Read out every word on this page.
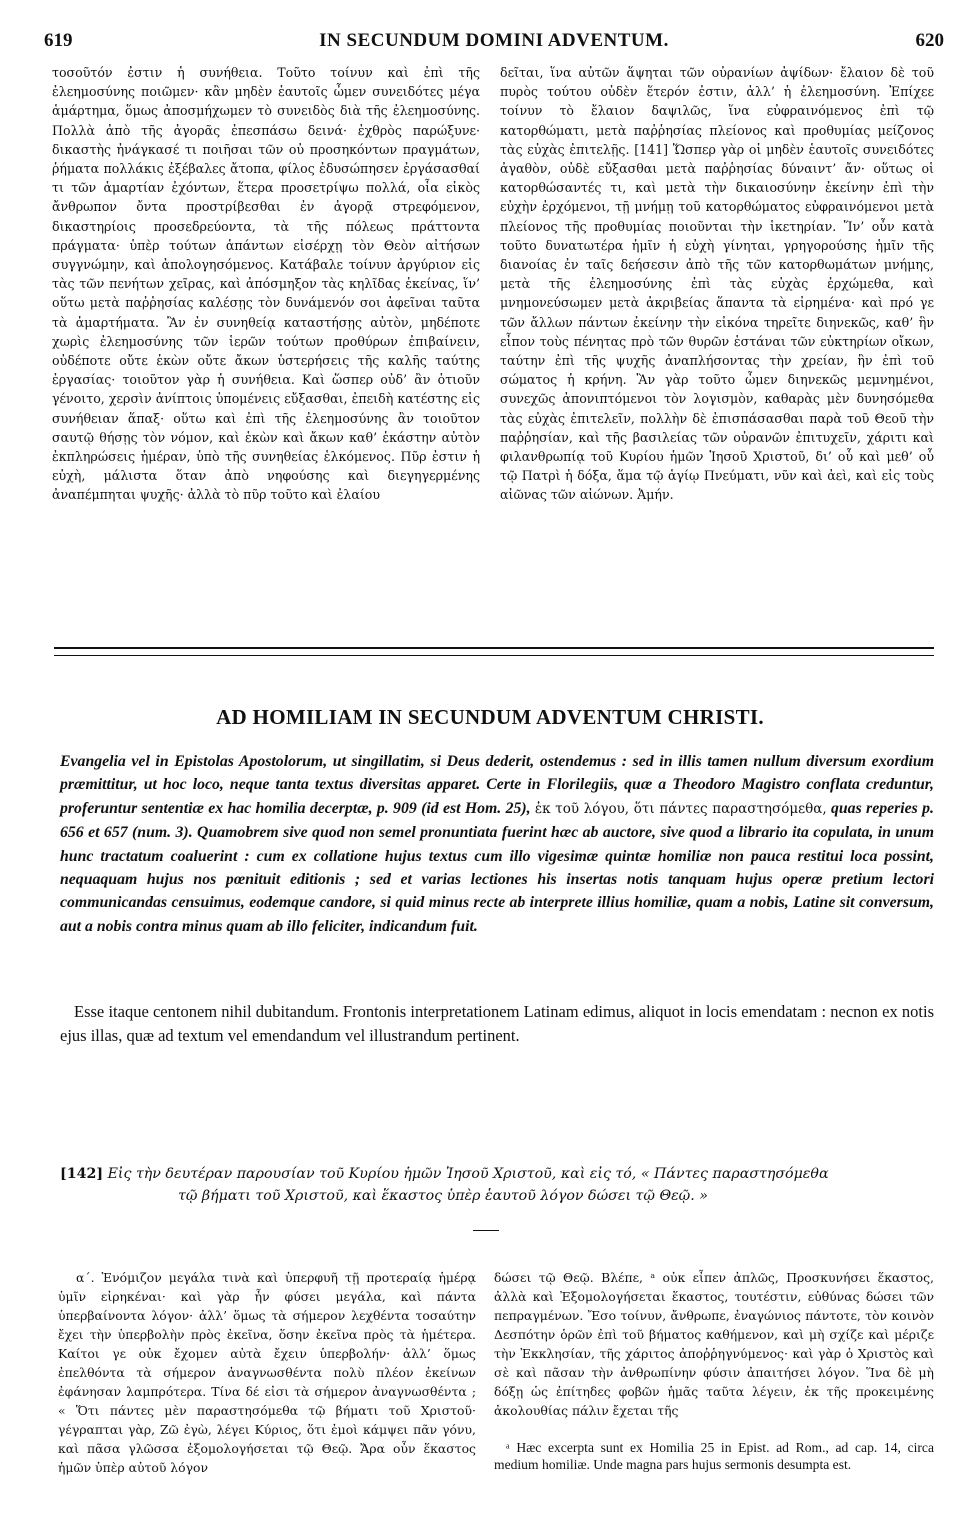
619	IN SECUNDUM DOMINI ADVENTUM.	620

τοσοῦτόν ἐστιν ἡ συνήθεια. Τοῦτο τοίνυν καὶ ἐπὶ τῆς ἐλεημοσύνης ποιῶμεν· κἂν μηδὲν ἑαυτοῖς ὦμεν συνειδότες μέγα ἁμάρτημα, ὅμως ἀποσμήχωμεν τὸ συνειδὸς διὰ τῆς ἐλεημοσύνης. Πολλὰ ἀπὸ τῆς ἀγορᾶς ἐπεσπάσω δεινά· ἐχθρὸς παρώξυνε· δικαστὴς ἠνάγκασέ τι ποιῆσαι τῶν οὐ προσηκόντων πραγμάτων, ῥήματα πολλάκις ἐξέβαλες ἄτοπα, φίλος ἐδυσώπησεν ἐργάσασθαί τι τῶν ἁμαρτίαν ἐχόντων, ἕτερα προσετρίψω πολλά, οἷα εἰκὸς ἄνθρωπον ὄντα προστρίβεσθαι ἐν ἀγορᾷ στρεφόμενον, δικαστηρίοις προσεδρεύοντα, τὰ τῆς πόλεως πράττοντα πράγματα· ὑπὲρ τούτων ἁπάντων εἰσέρχῃ τὸν Θεὸν αἰτήσων συγγνώμην, καὶ ἀπολογησόμενος. Κατάβαλε τοίνυν ἀργύριον εἰς τὰς τῶν πενήτων χεῖρας, καὶ ἀπόσμηξον τὰς κηλῖδας ἐκείνας, ἵν’ οὕτω μετὰ παῤῥησίας καλέσῃς τὸν δυνάμενόν σοι ἀφεῖναι ταῦτα τὰ ἁμαρτήματα. Ἂν ἐν συνηθείᾳ καταστήσῃς αὐτὸν, μηδέποτε χωρὶς ἐλεημοσύνης τῶν ἱερῶν τούτων προθύρων ἐπιβαίνειν, οὐδέποτε οὔτε ἑκὼν οὔτε ἄκων ὑστερήσεις τῆς καλῆς ταύτης ἐργασίας· τοιοῦτον γὰρ ἡ συνήθεια. Καὶ ὥσπερ οὐδ’ ἂν ὁτιοῦν γένοιτο, χερσὶν ἀνίπτοις ὑπομένεις εὔξασθαι, ἐπειδὴ κατέστης εἰς συνήθειαν ἅπαξ· οὕτω καὶ ἐπὶ τῆς ἐλεημοσύνης ἂν τοιοῦτον σαυτῷ θήσῃς τὸν νόμον, καὶ ἑκὼν καὶ ἄκων καθ’ ἑκάστην αὐτὸν ἐκπληρώσεις ἡμέραν, ὑπὸ τῆς συνηθείας ἑλκόμενος. Πῦρ ἐστιν ἡ εὐχὴ, μάλιστα ὅταν ἀπὸ νηφούσης καὶ διεγηγερμένης ἀναπέμπηται ψυχῆς· ἀλλὰ τὸ πῦρ τοῦτο καὶ ἐλαίου

δεῖται, ἵνα αὐτῶν ἅψηται τῶν οὐρανίων ἀψίδων· ἔλαιον δὲ τοῦ πυρὸς τούτου οὐδὲν ἕτερόν ἐστιν, ἀλλ’ ἡ ἐλεημοσύνη. Ἐπίχεε τοίνυν τὸ ἔλαιον δαψιλῶς, ἵνα εὐφραινόμενος ἐπὶ τῷ κατορθώματι, μετὰ παῤῥησίας πλείονος καὶ προθυμίας μείζονος τὰς εὐχὰς ἐπιτελῇς. [141] Ὥσπερ γὰρ οἱ μηδὲν ἑαυτοῖς συνειδότες ἀγαθὸν, οὐδὲ εὔξασθαι μετὰ παῤῥησίας δύναιντ’ ἄν· οὕτως οἱ κατορθώσαντές τι, καὶ μετὰ τὴν δικαιοσύνην ἐκείνην ἐπὶ τὴν εὐχὴν ἐρχόμενοι, τῇ μνήμῃ τοῦ κατορθώματος εὐφραινόμενοι μετὰ πλείονος τῆς προθυμίας ποιοῦνται τὴν ἱκετηρίαν. Ἵν’ οὖν κατὰ τοῦτο δυνατωτέρα ἡμῖν ἡ εὐχὴ γίνηται, γρηγορούσης ἡμῖν τῆς διανοίας ἐν ταῖς δεήσεσιν ἀπὸ τῆς τῶν κατορθωμάτων μνήμης, μετὰ τῆς ἐλεημοσύνης ἐπὶ τὰς εὐχὰς ἐρχώμεθα, καὶ μνημονεύσωμεν μετὰ ἀκριβείας ἅπαντα τὰ εἰρημένα· καὶ πρό γε τῶν ἄλλων πάντων ἐκείνην τὴν εἰκόνα τηρεῖτε διηνεκῶς, καθ’ ἣν εἶπον τοὺς πένητας πρὸ τῶν θυρῶν ἑστάναι τῶν εὐκτηρίων οἴκων, ταύτην ἐπὶ τῆς ψυχῆς ἀναπλήσοντας τὴν χρείαν, ἣν ἐπὶ τοῦ σώματος ἡ κρήνη. Ἂν γὰρ τοῦτο ὦμεν διηνεκῶς μεμνημένοι, συνεχῶς ἀπονιπτόμενοι τὸν λογισμὸν, καθαρὰς μὲν δυνησόμεθα τὰς εὐχὰς ἐπιτελεῖν, πολλὴν δὲ ἐπισπάσασθαι παρὰ τοῦ Θεοῦ τὴν παῤῥησίαν, καὶ τῆς βασιλείας τῶν οὐρανῶν ἐπιτυχεῖν, χάριτι καὶ φιλανθρωπίᾳ τοῦ Κυρίου ἡμῶν Ἰησοῦ Χριστοῦ, δι’ οὗ καὶ μεθ’ οὗ τῷ Πατρὶ ἡ δόξα, ἅμα τῷ ἁγίῳ Πνεύματι, νῦν καὶ ἀεὶ, καὶ εἰς τοὺς αἰῶνας τῶν αἰώνων. Ἀμήν.

AD HOMILIAM IN SECUNDUM ADVENTUM CHRISTI.
Evangelia vel in Epistolas Apostolorum, ut singillatim, si Deus dederit, ostendemus : sed in illis tamen nullum diversum exordium præmittitur, ut hoc loco, neque tanta textus diversitas apparet. Certe in Florilegiis, quæ a Theodoro Magistro conflata creduntur, proferuntur sententiæ ex hac homilia decerptæ, p. 909 (id est Hom. 25), ἐκ τοῦ λόγου, ὅτι πάντες παραστησόμεθα, quas reperies p. 656 et 657 (num. 3). Quamobrem sive quod non semel pronuntiata fuerint hæc ab auctore, sive quod a librario ita copulata, in unum hunc tractatum coaluerint : cum ex collatione hujus textus cum illo vigesimæ quintæ homiliæ non pauca restitui loca possint, nequaquam hujus nos pœnituit editionis ; sed et varias lectiones his insertas notis tanquam hujus operæ pretium lectori communicandas censuimus, eodemque candore, si quid minus recte ab interprete illius homiliæ, quam a nobis, Latine sit conversum, aut a nobis contra minus quam ab illo feliciter, indicandum fuit.

Esse itaque centonem nihil dubitandum. Frontonis interpretationem Latinam edimus, aliquot in locis emendatam : necnon ex notis ejus illas, quæ ad textum vel emendandum vel illustrandum pertinent.

[142] Εἰς τὴν δευτέραν παρουσίαν τοῦ Κυρίου ἡμῶν Ἰησοῦ Χριστοῦ, καὶ εἰς τό, « Πάντες παραστησόμεθα
τῷ βήματι τοῦ Χριστοῦ, καὶ ἕκαστος ὑπὲρ ἑαυτοῦ λόγον δώσει τῷ Θεῷ. »

α΄. Ἐνόμιζον μεγάλα τινὰ καὶ ὑπερφυῆ τῇ προτεραίᾳ ἡμέρᾳ ὑμῖν εἰρηκέναι· καὶ γὰρ ἦν φύσει μεγάλα, καὶ πάντα ὑπερβαίνοντα λόγον· ἀλλ’ ὅμως τὰ σήμερον λεχθέντα τοσαύτην ἔχει τὴν ὑπερβολὴν πρὸς ἐκεῖνα, ὅσην ἐκεῖνα πρὸς τὰ ἡμέτερα. Καίτοι γε οὐκ ἔχομεν αὐτὰ ἔχειν ὑπερβολήν· ἀλλ’ ὅμως ἐπελθόντα τὰ σήμερον ἀναγνωσθέντα πολὺ πλέον ἐκείνων ἐφάνησαν λαμπρότερα. Τίνα δέ εἰσι τὰ σήμερον ἀναγνωσθέντα ; « Ὅτι πάντες μὲν παραστησόμεθα τῷ βήματι τοῦ Χριστοῦ· γέγραπται γὰρ, Ζῶ ἐγὼ, λέγει Κύριος, ὅτι ἐμοὶ κάμψει πᾶν γόνυ, καὶ πᾶσα γλῶσσα ἐξομολογήσεται τῷ Θεῷ. Ἄρα οὖν ἕκαστος ἡμῶν ὑπὲρ αὐτοῦ λόγον

δώσει τῷ Θεῷ. Βλέπε, ᵃ οὐκ εἶπεν ἁπλῶς, Προσκυνήσει ἕκαστος, ἀλλὰ καὶ Ἐξομολογήσεται ἕκαστος, τουτέστιν, εὐθύνας δώσει τῶν πεπραγμένων. Ἔσο τοίνυν, ἄνθρωπε, ἐναγώνιος πάντοτε, τὸν κοινὸν Δεσπότην ὁρῶν ἐπὶ τοῦ βήματος καθήμενον, καὶ μὴ σχίζε καὶ μέριζε τὴν Ἐκκλησίαν, τῆς χάριτος ἀποῤῥηγνύμενος· καὶ γὰρ ὁ Χριστὸς καὶ σὲ καὶ πᾶσαν τὴν ἀνθρωπίνην φύσιν ἀπαιτήσει λόγον. Ἵνα δὲ μὴ δόξῃ ὡς ἐπίτηδες φοβῶν ἡμᾶς ταῦτα λέγειν, ἐκ τῆς προκειμένης ἀκολουθίας πάλιν ἔχεται τῆς

ᵃ Hæc excerpta sunt ex Homilia 25 in Epist. ad Rom., ad cap. 14, circa medium homiliæ. Unde magna pars hujus sermonis desumpta est.
